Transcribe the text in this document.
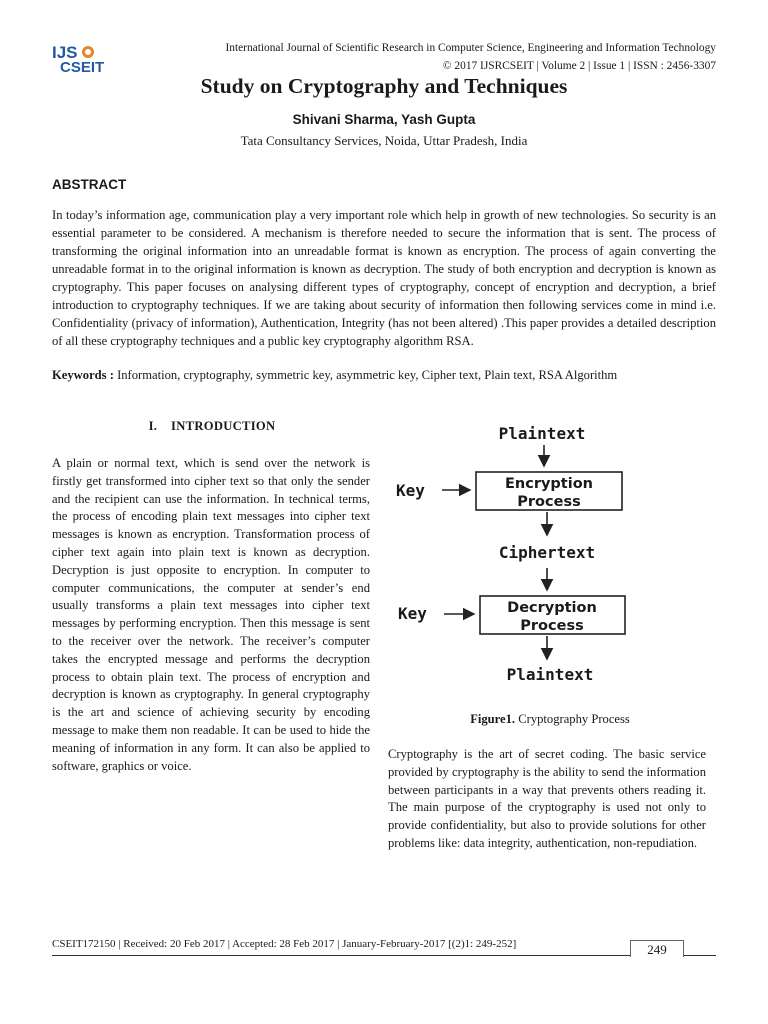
IJS
CSEIT
International Journal of Scientific Research in Computer Science, Engineering and Information Technology
© 2017 IJSRCSEIT | Volume 2 | Issue 1 | ISSN : 2456-3307
Study on Cryptography and Techniques
Shivani Sharma, Yash Gupta
Tata Consultancy Services, Noida, Uttar Pradesh, India
ABSTRACT
In today’s information age, communication play a very important role which help in growth of new technologies. So security is an essential parameter to be considered. A mechanism is therefore needed to secure the information that is sent. The process of transforming the original information into an unreadable format is known as encryption. The process of again converting the unreadable format in to the original information is known as decryption. The study of both encryption and decryption is known as cryptography. This paper focuses on analysing different types of cryptography, concept of encryption and decryption, a brief introduction to cryptography techniques. If we are taking about security of information then following services come in mind i.e. Confidentiality (privacy of information), Authentication, Integrity (has not been altered) .This paper provides a detailed description of all these cryptography techniques and a public key cryptography algorithm RSA.
Keywords : Information, cryptography, symmetric key, asymmetric key, Cipher text, Plain text, RSA Algorithm
I.    INTRODUCTION
A plain or normal text, which is send over the network is firstly get transformed into cipher text so that only the sender and the recipient can use the information. In technical terms, the process of encoding plain text messages into cipher text messages is known as encryption. Transformation process of cipher text again into plain text is known as decryption. Decryption is just opposite to encryption. In computer to computer communications, the computer at sender’s end usually transforms a plain text messages into cipher text messages by performing encryption. Then this message is sent to the receiver over the network. The receiver’s computer takes the encrypted message and performs the decryption process to obtain plain text. The process of encryption and decryption is known as cryptography. In general cryptography is the art and science of achieving security by encoding message to make them non readable. It can be used to hide the meaning of information in any form. It can also be applied to software, graphics or voice.
Plaintext
Key	Encryption
Process
Ciphertext
Key	Decryption
Process
Plaintext
Figure1. Cryptography Process
Cryptography is the art of secret coding. The basic service provided by cryptography is the ability to send the information between participants in a way that prevents others reading it. The main purpose of the cryptography is used not only to provide confidentiality, but also to provide solutions for other problems like: data integrity, authentication, non-repudiation.
CSEIT172150 | Received: 20 Feb 2017 | Accepted: 28 Feb 2017 | January-February-2017 [(2)1: 249-252]	249
